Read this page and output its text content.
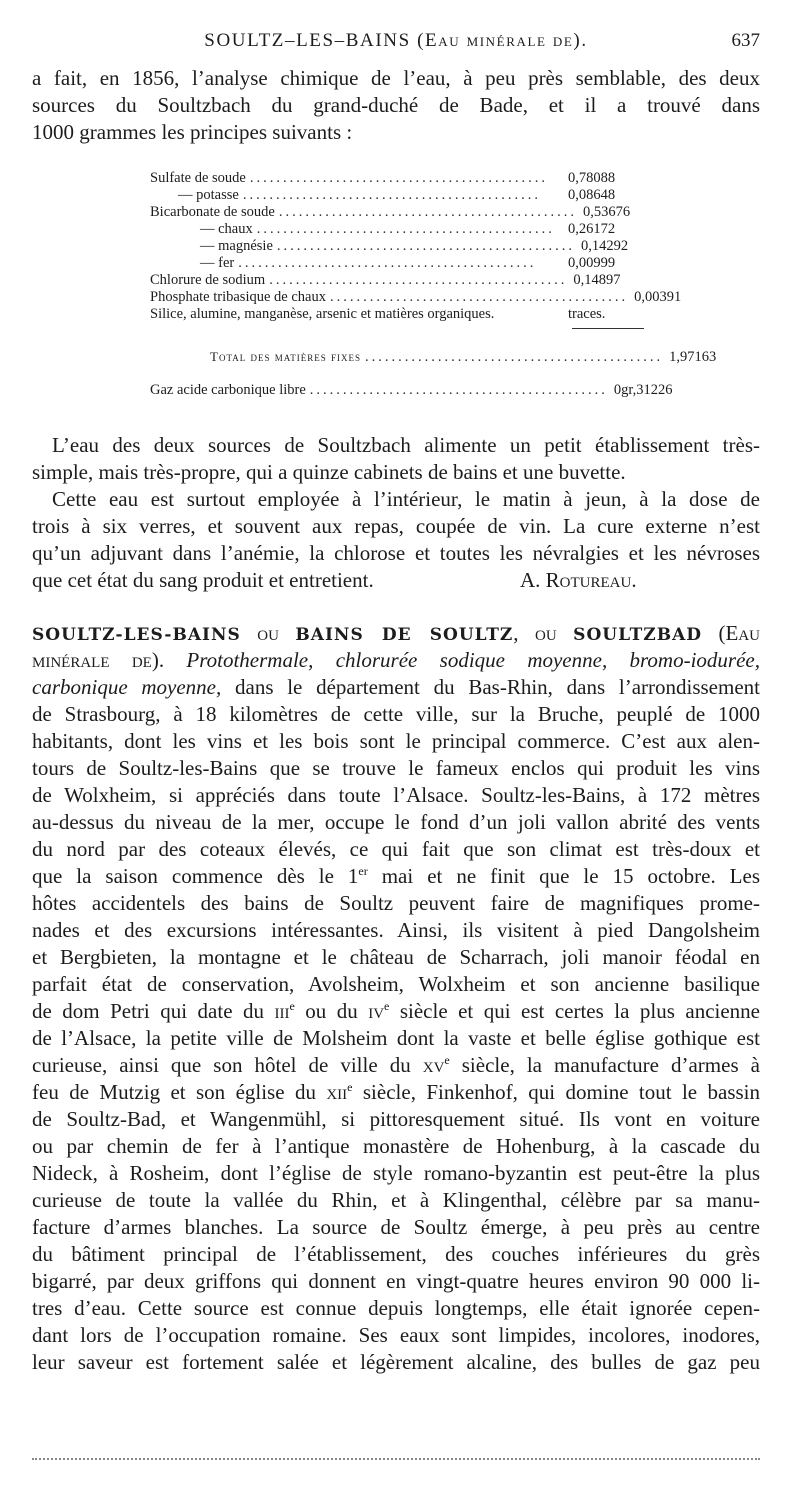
SOULTZ–LES–BAINS (Eau minérale de).	637
a fait, en 1856, l’analyse chimique de l’eau, à peu près semblable, des deux
sources du Soultzbach du grand-duché de Bade, et il a trouvé dans
1000 grammes les principes suivants :
Sulfate de soude .............................................	0,78088
— potasse .............................................	0,08648
Bicarbonate de soude ............................................. 0,53676
— chaux ............................................. 0,26172
— magnésie ............................................. 0,14292
— fer .............................................	0,00999
Chlorure de sodium ............................................. 0,14897
Phosphate tribasique de chaux ............................................. 0,00391
Silice, alumine, manganèse, arsenic et matières organiques.	traces.
Total des matières fixes ............................................. 1,97163
Gaz acide carbonique libre ............................................. 0gr,31226
L’eau des deux sources de Soultzbach alimente un petit établissement très-
simple, mais très-propre, qui a quinze cabinets de bains et une buvette.
Cette eau est surtout employée à l’intérieur, le matin à jeun, à la dose de
trois à six verres, et souvent aux repas, coupée de vin. La cure externe n’est
qu’un adjuvant dans l’anémie, la chlorose et toutes les névralgies et les névroses
que cet état du sang produit et entretient.	A. Rotureau.
SOULTZ-LES-BAINS ou BAINS DE SOULTZ, ou SOULTZBAD (Eau
minérale de). Protothermale, chlorurée sodique moyenne, bromo-iodurée,
carbonique moyenne, dans le département du Bas-Rhin, dans l’arrondissement
de Strasbourg, à 18 kilomètres de cette ville, sur la Bruche, peuplé de 1000
habitants, dont les vins et les bois sont le principal commerce. C’est aux alen-
tours de Soultz-les-Bains que se trouve le fameux enclos qui produit les vins
de Wolxheim, si appréciés dans toute l’Alsace. Soultz-les-Bains, à 172 mètres
au-dessus du niveau de la mer, occupe le fond d’un joli vallon abrité des vents
du nord par des coteaux élevés, ce qui fait que son climat est très-doux et
que la saison commence dès le 1er mai et ne finit que le 15 octobre. Les
hôtes accidentels des bains de Soultz peuvent faire de magnifiques prome-
nades et des excursions intéressantes. Ainsi, ils visitent à pied Dangolsheim
et Bergbieten, la montagne et le château de Scharrach, joli manoir féodal en
parfait état de conservation, Avolsheim, Wolxheim et son ancienne basilique
de dom Petri qui date du iii$^e$ ou du $iv^e$ siècle et qui est certes la plus ancienne
de l’Alsace, la petite ville de Molsheim dont la vaste et belle église gothique est
curieuse, ainsi que son hôtel de ville du $xv^e$ siècle, la manufacture d’armes à
feu de Mutzig et son église du xii$^e$ siècle, Finkenhof, qui domine tout le bassin
de Soultz-Bad, et Wangenmühl, si pittoresquement situé. Ils vont en voiture
ou par chemin de fer à l’antique monastère de Hohenburg, à la cascade du
Nideck, à Rosheim, dont l’église de style romano-byzantin est peut-être la plus
curieuse de toute la vallée du Rhin, et à Klingenthal, célèbre par sa manu-
facture d’armes blanches. La source de Soultz émerge, à peu près au centre
du bâtiment principal de l’établissement, des couches inférieures du grès
bigarré, par deux griffons qui donnent en vingt-quatre heures environ 90 000 li-
tres d’eau. Cette source est connue depuis longtemps, elle était ignorée cepen-
dant lors de l’occupation romaine. Ses eaux sont limpides, incolores, inodores,
leur saveur est fortement salée et légèrement alcaline, des bulles de gaz peu
